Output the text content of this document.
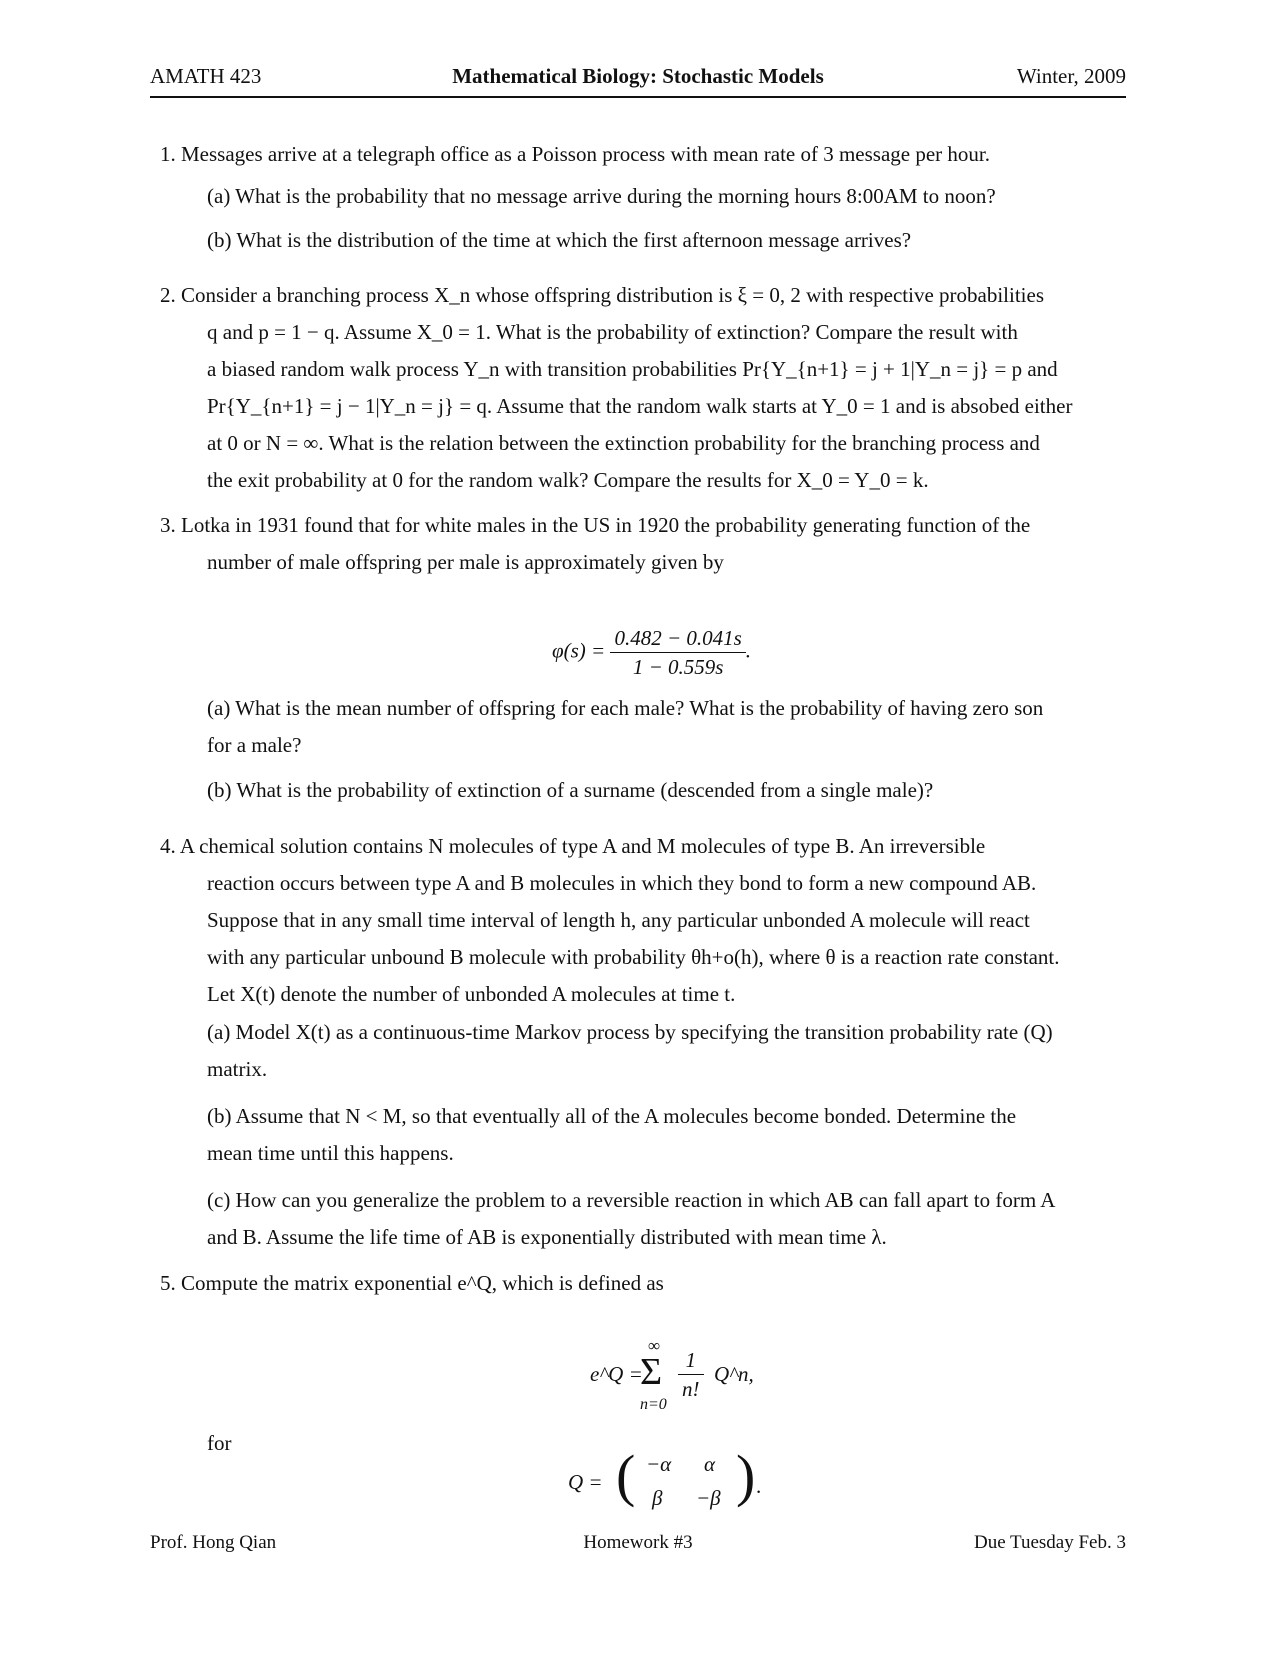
AMATH 423	Mathematical Biology: Stochastic Models	Winter, 2009
1. Messages arrive at a telegraph office as a Poisson process with mean rate of 3 message per hour.
(a) What is the probability that no message arrive during the morning hours 8:00AM to noon?
(b) What is the distribution of the time at which the first afternoon message arrives?
2. Consider a branching process X_n whose offspring distribution is ξ = 0, 2 with respective probabilities
q and p = 1 − q. Assume X_0 = 1. What is the probability of extinction? Compare the result with
a biased random walk process Y_n with transition probabilities Pr{Y_{n+1} = j + 1|Y_n = j} = p and
Pr{Y_{n+1} = j − 1|Y_n = j} = q. Assume that the random walk starts at Y_0 = 1 and is absobed either
at 0 or N = ∞. What is the relation between the extinction probability for the branching process and
the exit probability at 0 for the random walk? Compare the results for X_0 = Y_0 = k.
3. Lotka in 1931 found that for white males in the US in 1920 the probability generating function of the
number of male offspring per male is approximately given by
$\varphi(s) = \frac{0.482 - 0.041s}{1 - 0.559s}$ .
(a) What is the mean number of offspring for each male? What is the probability of having zero son
for a male?
(b) What is the probability of extinction of a surname (descended from a single male)?
4. A chemical solution contains N molecules of type A and M molecules of type B. An irreversible
reaction occurs between type A and B molecules in which they bond to form a new compound AB.
Suppose that in any small time interval of length h, any particular unbonded A molecule will react
with any particular unbound B molecule with probability θh+o(h), where θ is a reaction rate constant.
Let X(t) denote the number of unbonded A molecules at time t.
(a) Model X(t) as a continuous-time Markov process by specifying the transition probability rate (Q)
matrix.
(b) Assume that N < M, so that eventually all of the A molecules become bonded. Determine the
mean time until this happens.
(c) How can you generalize the problem to a reversible reaction in which AB can fall apart to form A
and B. Assume the life time of AB is exponentially distributed with mean time λ.
5. Compute the matrix exponential e^Q, which is defined as
e^Q =
∞
Σ
n=0
$\frac{1}{n!}$ Q^n,
for
Q = ( −α α
β −β ) .
Prof. Hong Qian	Homework #3	Due Tuesday Feb. 3
